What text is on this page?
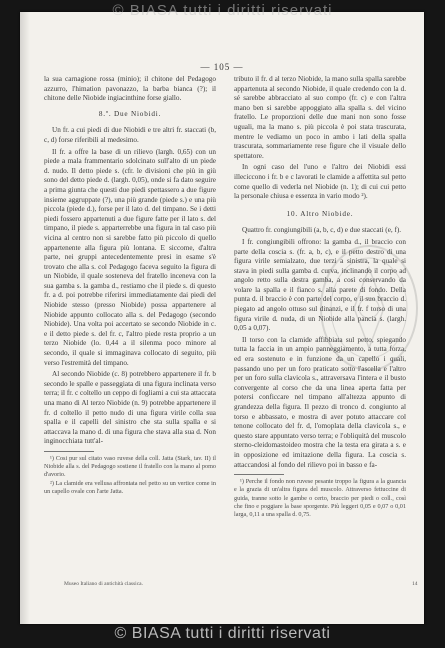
© BIASA tutti i diritti riservati
— 105 —

la sua carnagione rossa (minio); il chitone del Pedagogo azzurro, l'himation pavonazzo, la barba bianca (?); il chitone delle Niobide ingiacinthine forse giallo.

8.º. Due Niobidi.

Un fr. a cui piedi di due Niobidi e tre altri fr. staccati (b, c, d) forse riferibili al medesimo.

Il fr. a offre la base di un rilievo (largh. 0,65) con un piede a mala frammentario sdolcinato sull'alto di un piede d. nudo. Il detto piede s. (cfr. le divisioni che più in giù sono del detto piede d. (largh. 0,05), onde si fa dato seguire a prima giunta che questi due piedi spettassero a due figure insieme aggruppate (?), una più grande (piede s.) e una più piccola (piede d.), forse per il lato d. del timpano. Se i detti piedi fossero appartenuti a due figure fatte per il lato s. del timpano, il piede s. apparterrebbe una figura in tal caso più vicina al centro non si sarebbe fatto più piccolo di quello appartenente alla figura più lontana. E siccome, d'altra parte, nei gruppi antecedentemente presi in esame s'è trovato che alla s. col Pedagogo faceva seguito la figura di un Niobide, il quale sosteneva del fratello inceneva con la sua gamba s. la gamba d., restiamo che il piede s. di questo fr. a d. poi potrebbe riferirsi immediatamente dai piedi del Niobide stesso (presso Niobide) possa appartenere al Niobide appunto collocato alla s. del Pedagogo (secondo Niobide). Una volta poi accertato se secondo Niobide in c. e il detto piede s. del fr. c, l'altro piede resta proprio a un terzo Niobide (lo. 0,44 a il silenma poco minore al secondo, il quale si immaginava collocato di seguito, più verso l'estremità del timpano.

Al secondo Niobide (c. 8) potrebbero appartenere il fr. b secondo le spalle e passeggiata di una figura inclinata verso terra; il fr. c coltello un ceppo di fogliami a cui sta attaccata una mano di Al terzo Niobide (n. 9) potrebbe appartenere il fr. d coltello il petto nudo di una figura virile colla sua spalla e il capelli del sinistro che sta sulla spalla e si attaccava la mano d. di una figura che stava alla sua d. Non inginocchiata tutt'al-

¹) Cosi pur sul citato vaso ruvese della coll. Jatta (Stark, tav. II) il Niobide alla s. del Pedagogo sostiene il fratello con la mano al pomo d'avorio.

²) La clamide era vellusa affrontata nel petto su un vertice come in un capello ovale con l'arte Jatta.

tributo il fr. d al terzo Niobide, la mano sulla spalla sarebbe appartenuta al secondo Niobide, il quale credendo con la d. sé sarebbe abbracciato al suo compo (fr. c) e con l'altra mano ben si sarebbe appoggiato alla spalla s. del vicino fratello. Le proporzioni delle due mani non sono fosse uguali, ma la mano s. più piccola è poi stata trascurata, mentre le vediamo un poco in ambo i lati della spalla trascurata, sommariamente rese figure che il visuale dello spettatore.

In ogni caso del l'uno e l'altro dei Niobidi essi illeciccono i fr. b e c lavorati le clamide a affettita sul petto come quello di vederla nel Niobide (n. 1); di cui cui petto la personale chiusa e essenza in vario modo ²).

10. Altro Niobide.

Quattro fr. congiungibili (a, b, c, d) e due staccati (e, f).

I fr. congiungibili offrono: la gamba d., il braccio con parte della coscia s. (fr. a, b, c), e il petto destro di una figura virile semialzato, due terzi a sinistra, la quale si stava in piedi sulla gamba d. curva, inclinando il corpo ad angolo retto sulla destra gamba, a così conservando da volare la spalla e il fianco s. alla parete di fondo. Della punta d. il braccio è con parte del corpo, e il suo braccio d. piegato ad angolo ottuso sul dinanzi, e il fr. f torso di una figura virile d. nuda, di un Niobide alla pancia s. (largh. 0,05 a 0,07).

Il torso con la clamide affibbiata sul petto, spiegando tutta la faccia in un ampio panneggiamento, a tutta forza, ed era sostenuto e in funzione da un capello i quali, passando uno per un foro praticato sotto l'ascella e l'altro per un foro sulla clavicola s., attraversava l'intera e il busto convergente al corso che da una linea aperta fatta per potersi conficcare nel timpano all'altezza appunto di grandezza della figura. Il pezzo di tronco d. congiunto al torso e abbassato, e mostra di aver potuto attaccare col tenone collocato del fr. d, l'omoplata della clavicola s., e questo stare appuntato verso terra; e l'obliquità del muscolo sterno-cleidomastoideo mostra che la testa era girata a s. e in opposizione ed imitazione della figura. La coscia s. attaccandosi al fondo del rilievo poi in basso e fa-

¹) Perche il fondo non ruvese pesante troppo la figura a la guancia e la grazia di un'altra figura del muscolo. Attraverso fettuccine di guida, tranne sotto le gambe o certo, braccio per piedi o coll., così che fino e poggiare la base sporgente. Più leggeri 0,05 e 0,07 o 0,01 larga, 0,11 a una spalla d. 0,75.

Museo Italiano di antichità classica.	14
© BIASA tutti i diritti riservati
